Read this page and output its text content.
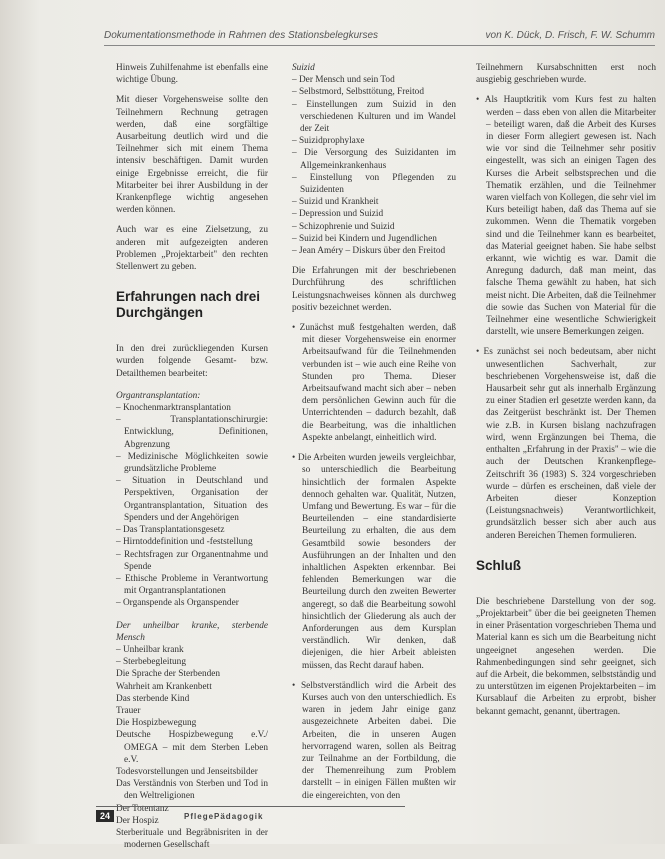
Dokumentationsmethode in Rahmen des Stationsbelegkurses	von K. Dück, D. Frisch, F. W. Schumm

Hinweis Zuhilfenahme ist ebenfalls eine wichtige Übung.

Mit dieser Vorgehensweise sollte den Teilnehmern Rechnung getragen werden, daß eine sorgfältige Ausarbeitung deutlich wird und die Teilnehmer sich mit einem Thema intensiv beschäftigen. Damit wurden einige Ergebnisse erreicht, die für Mitarbeiter bei ihrer Ausbildung in der Krankenpflege wichtig angesehen werden können.

Auch war es eine Zielsetzung, zu anderen mit aufgezeigten anderen Problemen „Projektarbeit" den rechten Stellenwert zu geben.

Erfahrungen nach drei Durchgängen

In den drei zurückliegenden Kursen wurden folgende Gesamt- bzw. Detailthemen bearbeitet:

Organtransplantation:

– Knochenmarktransplantation
– Transplantationschirurgie: Entwicklung, Definitionen, Abgrenzung
– Medizinische Möglichkeiten sowie grundsätzliche Probleme
– Situation in Deutschland und Perspektiven, Organisation der Organtransplantation, Situation des Spenders und der Angehörigen
– Das Transplantationsgesetz
– Hirntoddefinition und -feststellung
– Rechtsfragen zur Organentnahme und Spende
– Ethische Probleme in Verantwortung mit Organtransplantationen
– Organspende als Organspender

Der unheilbar kranke, sterbende Mensch

– Unheilbar krank
– Sterbebegleitung
Die Sprache der Sterbenden
Wahrheit am Krankenbett
Das sterbende Kind
Trauer
Die Hospizbewegung
Deutsche Hospizbewegung e.V./ OMEGA – mit dem Sterben Leben e.V.
Todesvorstellungen und Jenseitsbilder
Das Verständnis von Sterben und Tod in den Weltreligionen
Der Totentanz
Der Hospiz
Sterberituale und Begräbnisriten in der modernen Gesellschaft

Suizid

– Der Mensch und sein Tod
– Selbstmord, Selbsttötung, Freitod
– Einstellungen zum Suizid in den verschiedenen Kulturen und im Wandel der Zeit
– Suizidprophylaxe
– Die Versorgung des Suizidanten im Allgemeinkrankenhaus
– Einstellung von Pflegenden zu Suizidenten
– Suizid und Krankheit
– Depression und Suizid
– Schizophrenie und Suizid
– Suizid bei Kindern und Jugendlichen
– Jean Améry – Diskurs über den Freitod

Die Erfahrungen mit der beschriebenen Durchführung des schriftlichen Leistungsnachweises können als durchweg positiv bezeichnet werden.

• Zunächst muß festgehalten werden, daß mit dieser Vorgehensweise ein enormer Arbeitsaufwand für die Teilnehmenden verbunden ist – wie auch eine Reihe von Stunden pro Thema. Dieser Arbeitsaufwand macht sich aber – neben dem persönlichen Gewinn auch für die Unterrichtenden – dadurch bezahlt, daß die Bearbeitung, was die inhaltlichen Aspekte anbelangt, einheitlich wird.
• Die Arbeiten wurden jeweils vergleichbar, so unterschiedlich die Bearbeitung hinsichtlich der formalen Aspekte dennoch gehalten war. Qualität, Nutzen, Umfang und Bewertung. Es war – für die Beurteilenden – eine standardisierte Beurteilung zu erhalten, die aus dem Gesamtbild sowie besonders der Ausführungen an der Inhalten und den inhaltlichen Aspekten erkennbar. Bei fehlenden Bemerkungen war die Beurteilung durch den zweiten Bewerter angeregt, so daß die Bearbeitung sowohl hinsichtlich der Gliederung als auch der Anforderungen aus dem Kursplan verständlich. Wir denken, daß diejenigen, die hier Arbeit ableisten müssen, das Recht darauf haben.
• Selbstverständlich wird die Arbeit des Kurses auch von den unterschiedlich. Es waren in jedem Jahr einige ganz ausgezeichnete Arbeiten dabei. Die Arbeiten, die in unseren Augen hervorragend waren, sollen als Beitrag zur Teilnahme an der Fortbildung, die der Themenreihung zum Problem darstellt – in einigen Fällen mußten wir die eingereichten, von den

Teilnehmern Kursabschnitten erst noch ausgiebig geschrieben wurde.

• Als Hauptkritik vom Kurs fest zu halten werden – dass eben von allen die Mitarbeiter – beteiligt waren, daß die Arbeit des Kurses in dieser Form allegiert gewesen ist. Nach wie vor sind die Teilnehmer sehr positiv eingestellt, was sich an einigen Tagen des Kurses die Arbeit selbstsprechen und die Thematik erzählen, und die Teilnehmer waren vielfach von Kollegen, die sehr viel im Kurs beteiligt haben, daß das Thema auf sie zukommen. Wenn die Thematik vorgeben sind und die Teilnehmer kann es bearbeitet, das Material geeignet haben. Sie habe selbst erkannt, wie wichtig es war. Damit die Anregung dadurch, daß man meint, das falsche Thema gewählt zu haben, hat sich meist nicht. Die Arbeiten, daß die Teilnehmer die sowie das Suchen von Material für die Teilnehmer eine wesentliche Schwierigkeit darstellt, wie unsere Bemerkungen zeigen.
• Es zunächst sei noch bedeutsam, aber nicht unwesentlichen Sachverhalt, zur beschriebenen Vorgehensweise ist, daß die Hausarbeit sehr gut als innerhalb Ergänzung zu einer Stadien erl gesetzte werden kann, da das Zeitgerüst beschränkt ist. Der Themen wie z.B. in Kursen bislang nachzufragen wird, wenn Ergänzungen bei Thema, die enthalten „Erfahrung in der Praxis" – wie die auch der Deutschen Krankenpflege-Zeitschrift 36 (1983) S. 324 vorgeschrieben wurde – dürfen es erscheinen, daß viele der Arbeiten dieser Konzeption (Leistungsnachweis) Verantwortlichkeit, grundsätzlich besser sich aber auch aus anderen Bereichen Themen formulieren.
Schluß

Die beschriebene Darstellung von der sog. „Projektarbeit" über die bei geeigneten Themen in einer Präsentation vorgeschrieben Thema und Material kann es sich um die Bearbeitung nicht ungeeignet angesehen werden. Die Rahmenbedingungen sind sehr geeignet, sich auf die Arbeit, die bekommen, selbstständig und zu unterstützen im eigenen Projektarbeiten – im Kursablauf die Arbeiten zu erprobt, bisher bekannt gemacht, genannt, übertragen.

24	PflegePädagogik
